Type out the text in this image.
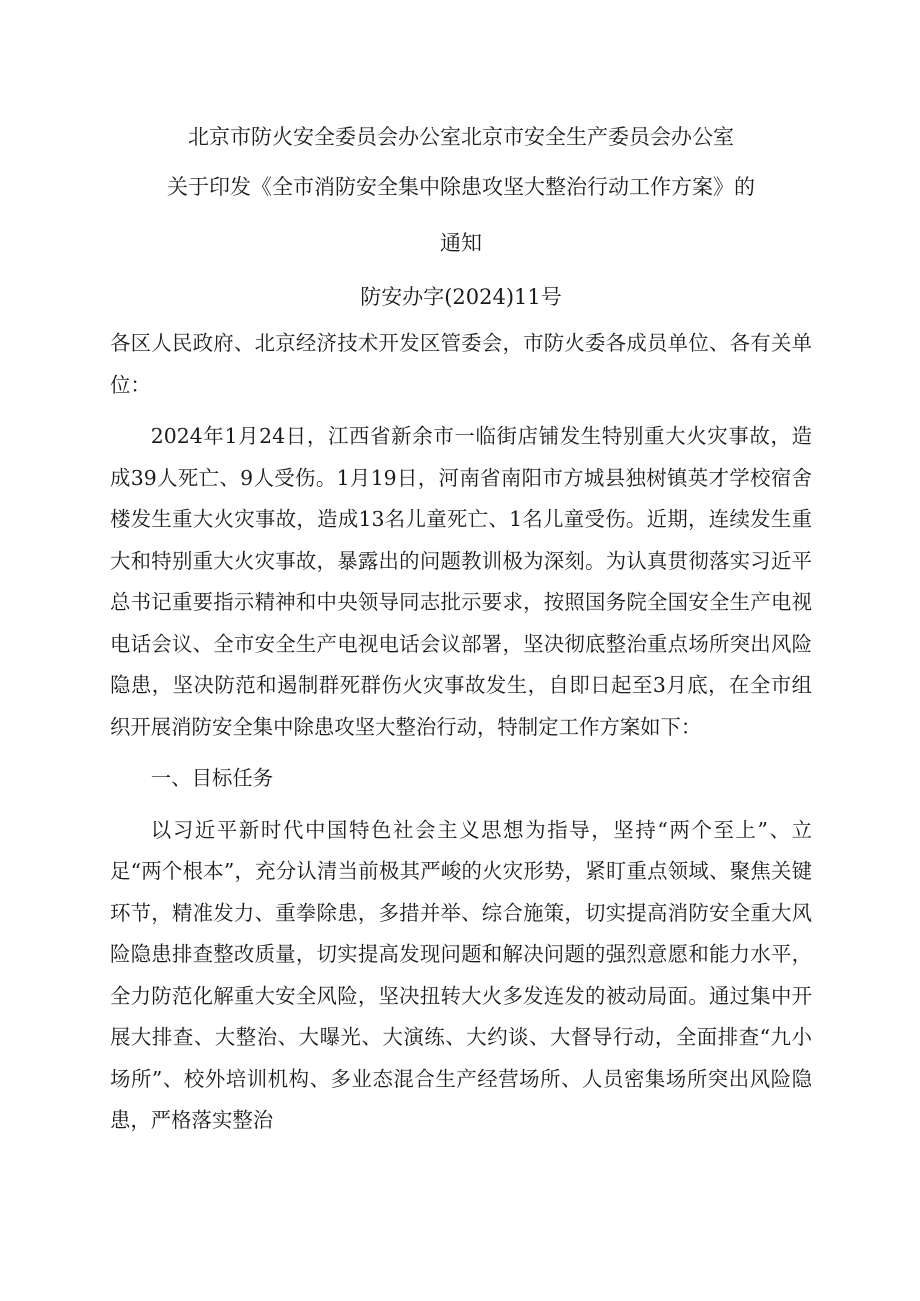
北京市防火安全委员会办公室北京市安全生产委员会办公室

关于印发《全市消防安全集中除患攻坚大整治行动工作方案》的

通知

防安办字(2024)11号

各区人民政府、北京经济技术开发区管委会，市防火委各成员单位、各有关单位：

2024年1月24日，江西省新余市一临街店铺发生特别重大火灾事故，造成39人死亡、9人受伤。1月19日，河南省南阳市方城县独树镇英才学校宿舍楼发生重大火灾事故，造成13名儿童死亡、1名儿童受伤。近期，连续发生重大和特别重大火灾事故，暴露出的问题教训极为深刻。为认真贯彻落实习近平总书记重要指示精神和中央领导同志批示要求，按照国务院全国安全生产电视电话会议、全市安全生产电视电话会议部署，坚决彻底整治重点场所突出风险隐患，坚决防范和遏制群死群伤火灾事故发生，自即日起至3月底，在全市组织开展消防安全集中除患攻坚大整治行动，特制定工作方案如下：

一、目标任务

以习近平新时代中国特色社会主义思想为指导，坚持“两个至上”、立足“两个根本”，充分认清当前极其严峻的火灾形势，紧盯重点领域、聚焦关键环节，精准发力、重拳除患，多措并举、综合施策，切实提高消防安全重大风险隐患排查整改质量，切实提高发现问题和解决问题的强烈意愿和能力水平，全力防范化解重大安全风险，坚决扭转大火多发连发的被动局面。通过集中开展大排查、大整治、大曝光、大演练、大约谈、大督导行动，全面排查“九小场所”、校外培训机构、多业态混合生产经营场所、人员密集场所突出风险隐患，严格落实整治
